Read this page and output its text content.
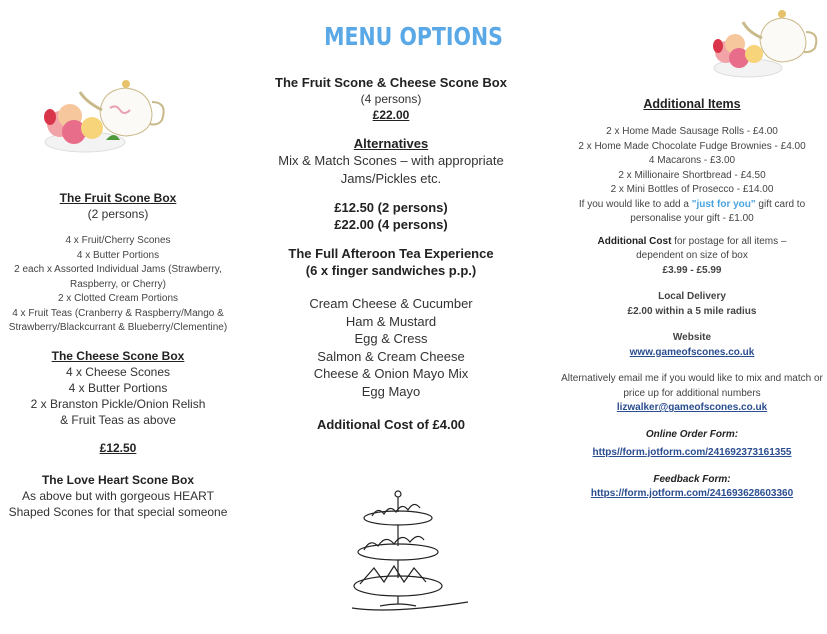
MENU OPTIONS
The Fruit Scone Box
(2 persons)
4 x Fruit/Cherry Scones
4 x Butter Portions
2 each x Assorted Individual Jams (Strawberry, Raspberry, or Cherry)
2 x Clotted Cream Portions
4 x Fruit Teas (Cranberry & Raspberry/Mango & Strawberry/Blackcurrant & Blueberry/Clementine)
The Cheese Scone Box
4 x Cheese Scones
4 x Butter Portions
2 x Branston Pickle/Onion Relish
& Fruit Teas as above
£12.50
The Love Heart Scone Box
As above but with gorgeous HEART Shaped Scones for that special someone
The Fruit Scone & Cheese Scone Box
(4 persons)
£22.00
Alternatives
Mix & Match Scones – with appropriate Jams/Pickles etc.
£12.50 (2 persons)
£22.00 (4 persons)
The Full Afteroon Tea Experience
(6 x finger sandwiches p.p.)
Cream Cheese & Cucumber
Ham & Mustard
Egg & Cress
Salmon & Cream Cheese
Cheese & Onion Mayo Mix
Egg Mayo
Additional Cost of £4.00
Additional Items
2 x Home Made Sausage Rolls - £4.00
2 x Home Made Chocolate Fudge Brownies - £4.00
4 Macarons - £3.00
2 x Millionaire Shortbread - £4.50
2 x Mini Bottles of Prosecco - £14.00
If you would like to add a "just for you" gift card to personalise your gift - £1.00
Additional Cost for postage for all items – dependent on size of box
£3.99 - £5.99
Local Delivery
£2.00 within a 5 mile radius
Website
www.gameofscones.co.uk
Alternatively email me if you would like to mix and match or price up for additional numbers
lizwalker@gameofscones.co.uk
Online Order Form:
https//form.jotform.com/241692373161355
Feedback Form:
https://form.jotform.com/241693628603360
